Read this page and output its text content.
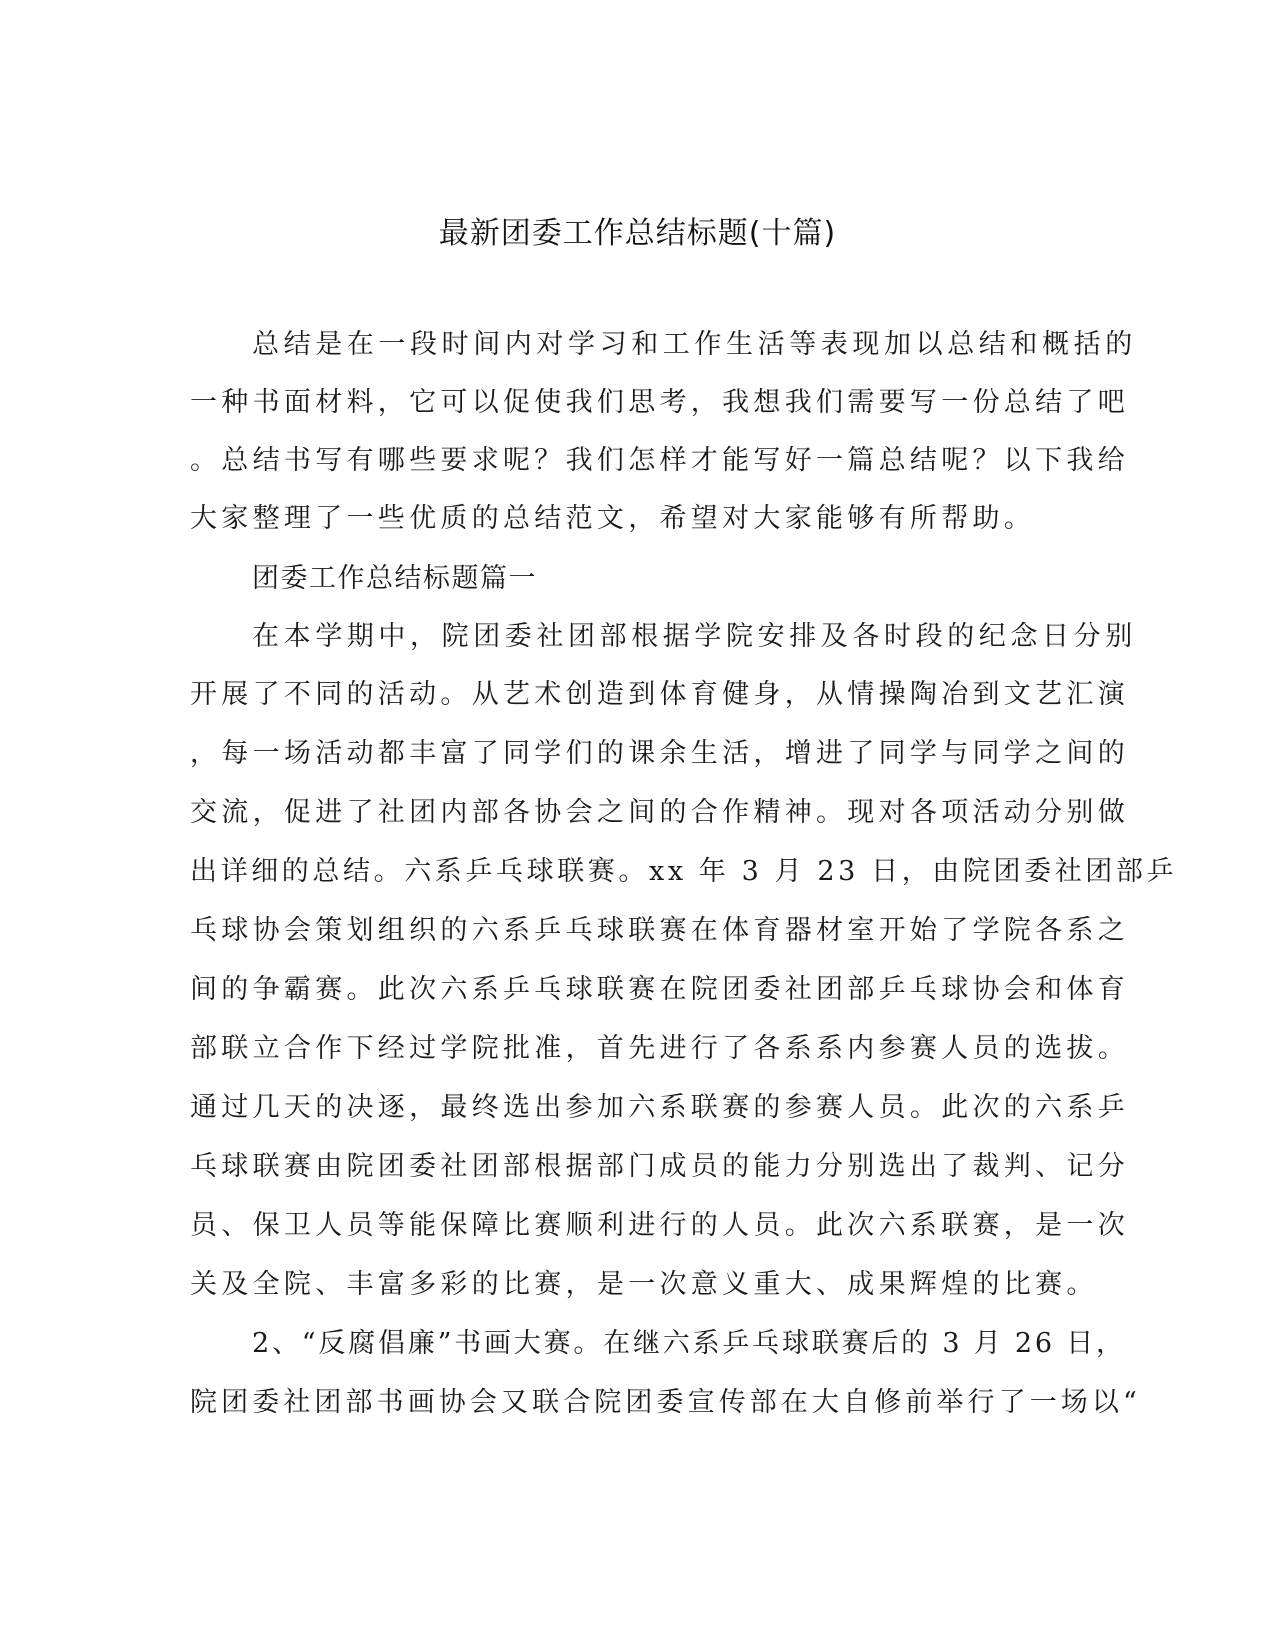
最新团委工作总结标题(十篇)
总结是在一段时间内对学习和工作生活等表现加以总结和概括的
一种书面材料，它可以促使我们思考，我想我们需要写一份总结了吧
。总结书写有哪些要求呢？我们怎样才能写好一篇总结呢？以下我给
大家整理了一些优质的总结范文，希望对大家能够有所帮助。
团委工作总结标题篇一
在本学期中，院团委社团部根据学院安排及各时段的纪念日分别
开展了不同的活动。从艺术创造到体育健身，从情操陶冶到文艺汇演
，每一场活动都丰富了同学们的课余生活，增进了同学与同学之间的
交流，促进了社团内部各协会之间的合作精神。现对各项活动分别做
出详细的总结。六系乒乓球联赛。xx 年 3 月 23 日，由院团委社团部乒
乓球协会策划组织的六系乒乓球联赛在体育器材室开始了学院各系之
间的争霸赛。此次六系乒乓球联赛在院团委社团部乒乓球协会和体育
部联立合作下经过学院批准，首先进行了各系系内参赛人员的选拔。
通过几天的决逐，最终选出参加六系联赛的参赛人员。此次的六系乒
乓球联赛由院团委社团部根据部门成员的能力分别选出了裁判、记分
员、保卫人员等能保障比赛顺利进行的人员。此次六系联赛，是一次
关及全院、丰富多彩的比赛，是一次意义重大、成果辉煌的比赛。
2、“反腐倡廉”书画大赛。在继六系乒乓球联赛后的 3 月 26 日，
院团委社团部书画协会又联合院团委宣传部在大自修前举行了一场以“
